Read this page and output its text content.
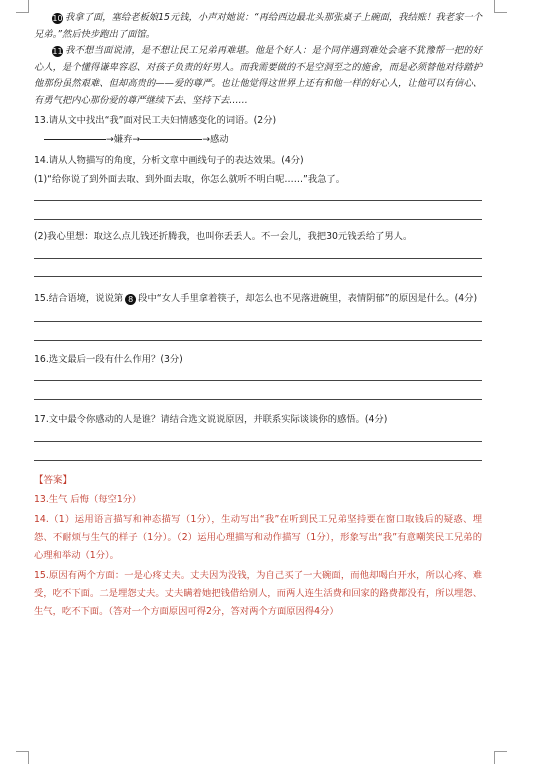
10 我拿了面，塞给老板娘15元钱，小声对她说：“再给西边最北头那张桌子上碗面，我结账！我老家一个兄弟。”然后快步跑出了面馆。

11 我不想当面说清，是不想让民工兄弟再难堪。他是个好人：是个同伴遇到难处会毫不犹豫帮一把的好心人，是个懂得谦卑容忍、对孩子负责的好男人。而我需要做的不是空洞至之的施舍，而是必须替他对待踏护他那份虽然艰难、但却高贵的——爱的尊严。也让他觉得这世界上还有和他一样的好心人，让他可以有信心、有勇气把内心那份爱的尊严继续下去、坚持下去……

13.请从文中找出“我”面对民工夫妇情感变化的词语。(2分)

→嫌弃→	→感动

14.请从人物描写的角度，分析文章中画线句子的表达效果。(4分)

(1)“给你说了到外面去取、到外面去取，你怎么就听不明白呢……”我急了。

(2)我心里想：取这么点儿钱还折腾我，也叫你丢丢人。不一会儿，我把30元钱丢给了男人。

15.结合语境，说说第 8 段中“女人手里拿着筷子，却怎么也不见落进碗里，表情阴郁”的原因是什么。(4分)

16.选文最后一段有什么作用？(3分)

17.文中最令你感动的人是谁？请结合选文说说原因，并联系实际谈谈你的感悟。(4分)

【答案】

13.生气 后悔（每空1分）

14.（1）运用语言描写和神态描写（1分），生动写出“我”在听到民工兄弟坚持要在窗口取钱后的疑惑、埋怨、不耐烦与生气的样子（1分）。（2）运用心理描写和动作描写（1分），形象写出“我”有意嘲笑民工兄弟的心理和举动（1分）。

15.原因有两个方面：一是心疼丈夫。丈夫因为没钱，为自己买了一大碗面，而他却喝白开水，所以心疼、难受，吃不下面。二是埋怨丈夫。丈夫瞒着她把钱借给别人，而两人连生活费和回家的路费都没有，所以埋怨、生气，吃不下面。（答对一个方面原因可得2分，答对两个方面原因得4分）
